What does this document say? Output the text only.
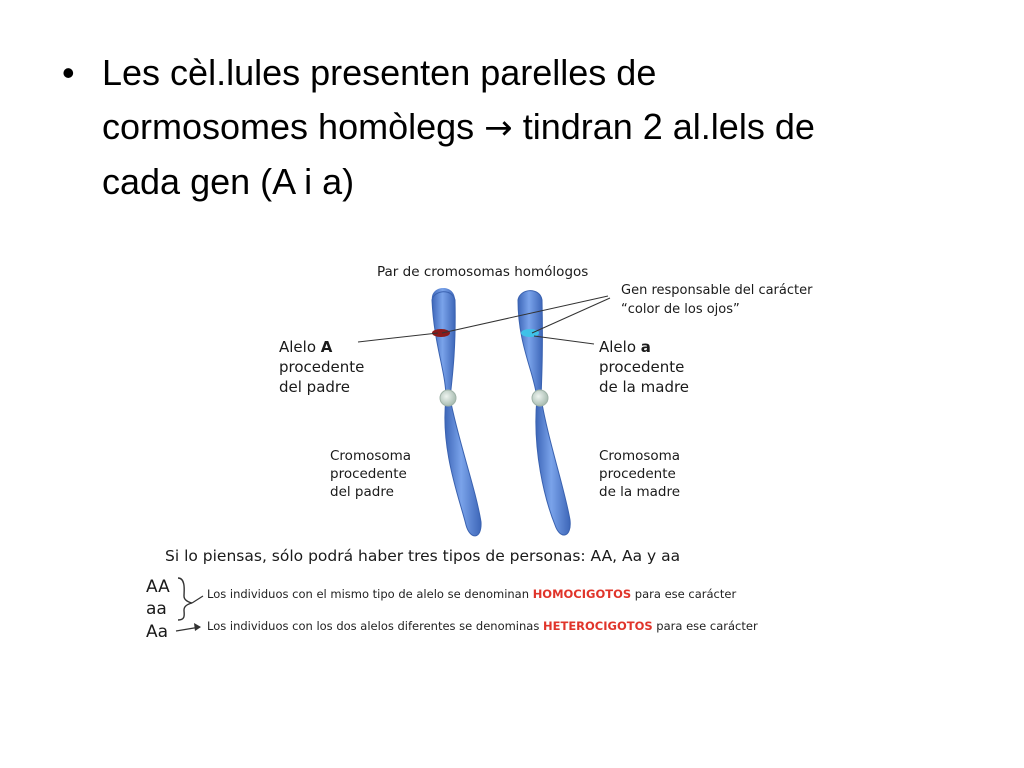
• Les cèl.lules presenten parelles de
cormosomes homòlegs → tindran 2 al.lels de
cada gen (A i a)
Par de cromosomas homólogos
Gen responsable del carácter
“color de los ojos”
Alelo A
procedente
del padre
Alelo a
procedente
de la madre
Cromosoma
procedente
del padre
Cromosoma
procedente
de la madre
Si lo piensas, sólo podrá haber tres tipos de personas: AA, Aa y aa
AA
aa
Aa
Los individuos con el mismo tipo de alelo se denominan HOMOCIGOTOS para ese carácter
Los individuos con los dos alelos diferentes se denominas HETEROCIGOTOS para ese carácter
